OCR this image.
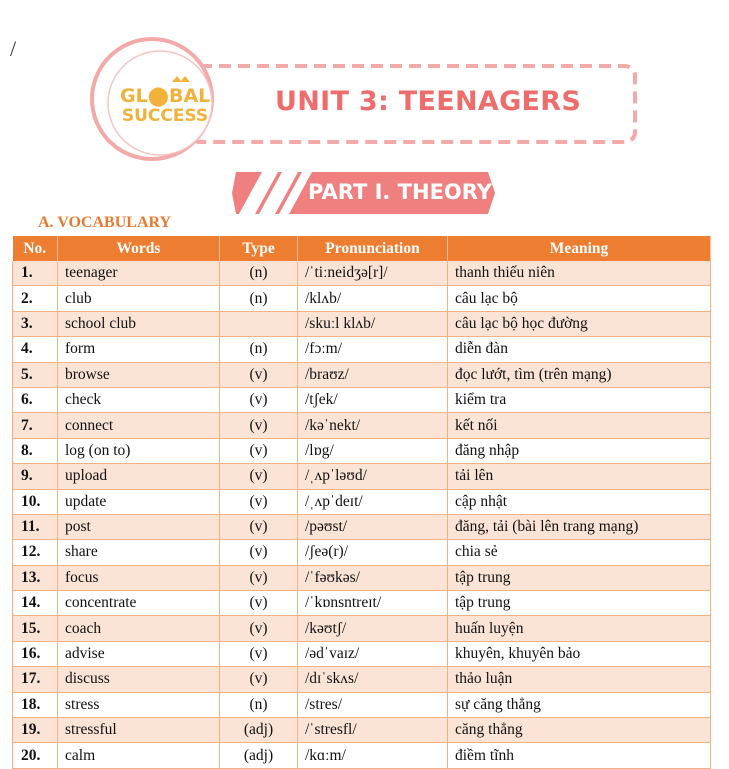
/
GL⬤BAL
SUCCESS UNIT 3: TEENAGERS
PART I. THEORY
A. VOCABULARY
No.	Words	Type	Pronunciation	Meaning
1.	teenager	(n)	/ˈtiːneidʒə[r]/	thanh thiếu niên
2.	club	(n)	/klʌb/	câu lạc bộ
3.	school club		/skuːl klʌb/	câu lạc bộ học đường
4.	form	(n)	/fɔːm/	diễn đàn
5.	browse	(v)	/braʊz/	đọc lướt, tìm (trên mạng)
6.	check	(v)	/tʃek/	kiểm tra
7.	connect	(v)	/kəˈnekt/	kết nối
8.	log (on to)	(v)	/lɒg/	đăng nhập
9.	upload	(v)	/ˌʌpˈləʊd/	tải lên
10.	update	(v)	/ˌʌpˈdeɪt/	cập nhật
11.	post	(v)	/pəʊst/	đăng, tải (bài lên trang mạng)
12.	share	(v)	/ʃeə(r)/	chia sẻ
13.	focus	(v)	/ˈfəʊkəs/	tập trung
14.	concentrate	(v)	/ˈkɒnsntreɪt/	tập trung
15.	coach	(v)	/kəʊtʃ/	huấn luyện
16.	advise	(v)	/ədˈvaɪz/	khuyên, khuyên bảo
17.	discuss	(v)	/dɪˈskʌs/	thảo luận
18.	stress	(n)	/stres/	sự căng thẳng
19.	stressful	(adj)	/ˈstresfl/	căng thẳng
20.	calm	(adj)	/kɑːm/	điềm tĩnh
